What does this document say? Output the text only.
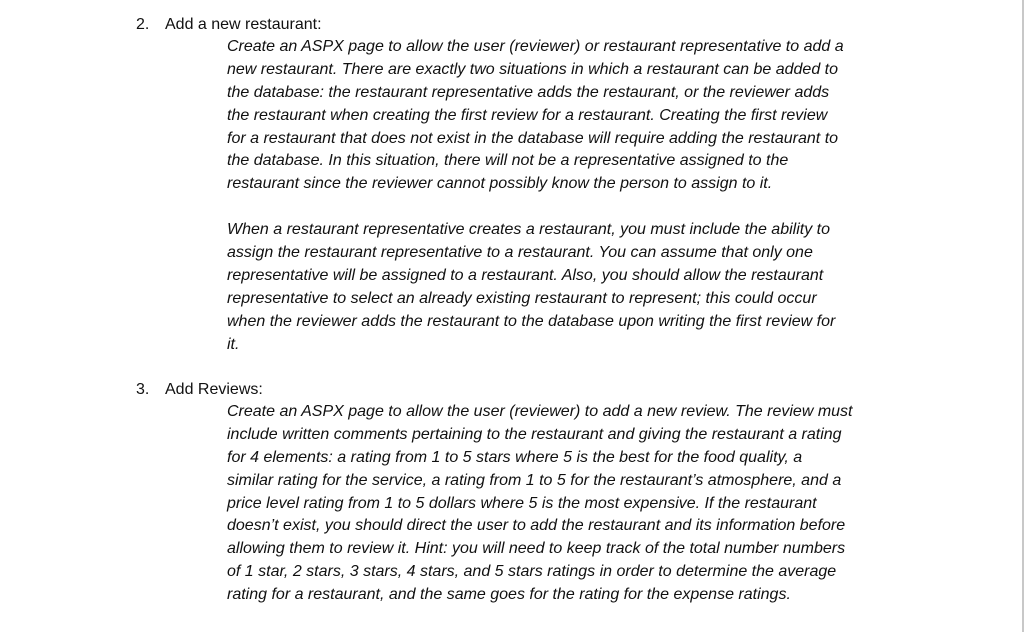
2. Add a new restaurant:

Create an ASPX page to allow the user (reviewer) or restaurant representative to add a
new restaurant. There are exactly two situations in which a restaurant can be added to
the database: the restaurant representative adds the restaurant, or the reviewer adds
the restaurant when creating the first review for a restaurant. Creating the first review
for a restaurant that does not exist in the database will require adding the restaurant to
the database. In this situation, there will not be a representative assigned to the
restaurant since the reviewer cannot possibly know the person to assign to it.

When a restaurant representative creates a restaurant, you must include the ability to
assign the restaurant representative to a restaurant. You can assume that only one
representative will be assigned to a restaurant. Also, you should allow the restaurant
representative to select an already existing restaurant to represent; this could occur
when the reviewer adds the restaurant to the database upon writing the first review for
it.

3. Add Reviews:

Create an ASPX page to allow the user (reviewer) to add a new review. The review must
include written comments pertaining to the restaurant and giving the restaurant a rating
for 4 elements: a rating from 1 to 5 stars where 5 is the best for the food quality, a
similar rating for the service, a rating from 1 to 5 for the restaurant’s atmosphere, and a
price level rating from 1 to 5 dollars where 5 is the most expensive. If the restaurant
doesn’t exist, you should direct the user to add the restaurant and its information before
allowing them to review it. Hint: you will need to keep track of the total number numbers
of 1 star, 2 stars, 3 stars, 4 stars, and 5 stars ratings in order to determine the average
rating for a restaurant, and the same goes for the rating for the expense ratings.
